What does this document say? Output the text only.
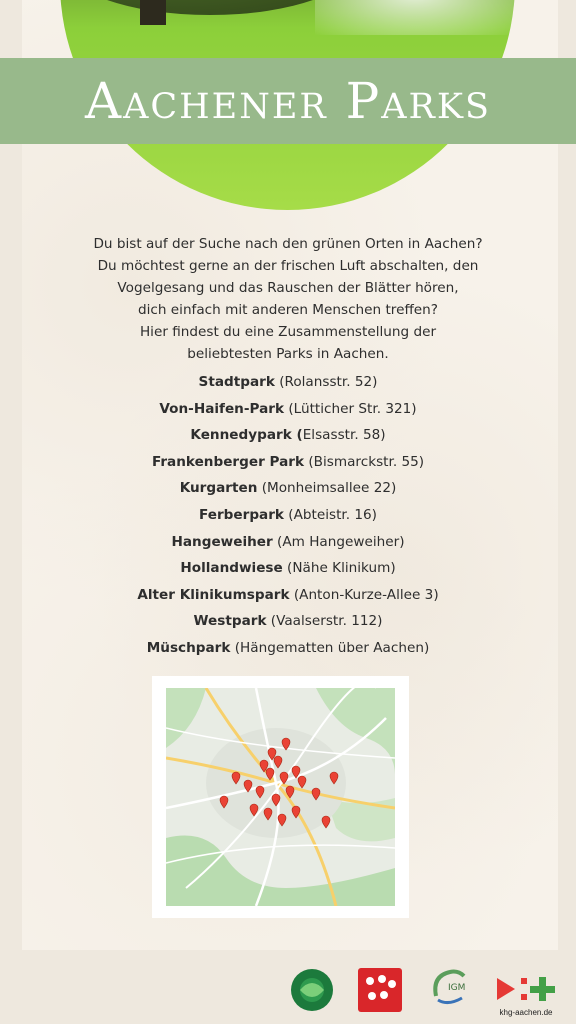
Aachener Parks

Du bist auf der Suche nach den grünen Orten in Aachen?

Du möchtest gerne an der frischen Luft abschalten, den

Vogelgesang und das Rauschen der Blätter hören,

dich einfach mit anderen Menschen treffen?

Hier findest du eine Zusammenstellung der

beliebtesten Parks in Aachen.

Stadtpark (Rolansstr. 52)
Von-Haifen-Park (Lütticher Str. 321)
Kennedypark (Elsasstr. 58)
Frankenberger Park (Bismarckstr. 55)
Kurgarten (Monheimsallee 22)
Ferberpark (Abteistr. 16)
Hangeweiher (Am Hangeweiher)
Hollandwiese (Nähe Klinikum)
Alter Klinikumspark (Anton-Kurze-Allee 3)
Westpark (Vaalserstr. 112)
Müschpark (Hängematten über Aachen)
IGM
khg-aachen.de
